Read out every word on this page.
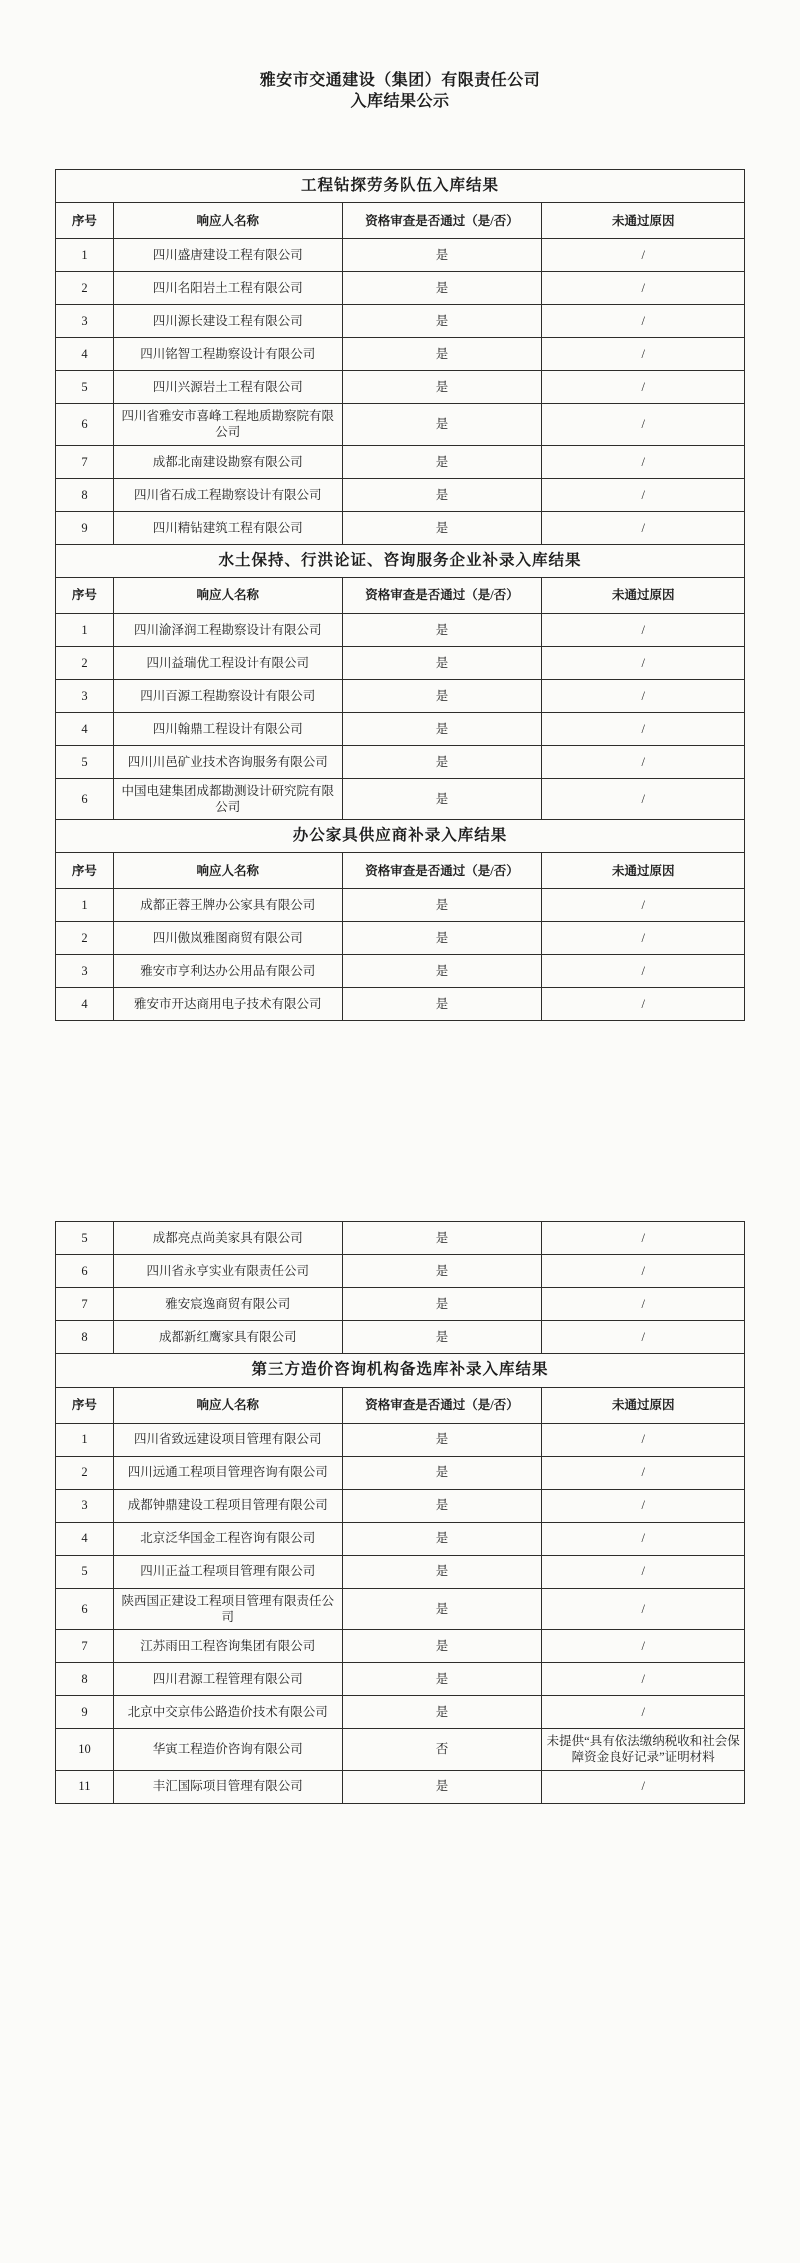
雅安市交通建设（集团）有限责任公司
入库结果公示
工程钻探劳务队伍入库结果			
序号	响应人名称	资格审查是否通过（是/否）	未通过原因
1	四川盛唐建设工程有限公司	是	/
2	四川名阳岩土工程有限公司	是	/
3	四川源长建设工程有限公司	是	/
4	四川铭智工程勘察设计有限公司	是	/
5	四川兴源岩土工程有限公司	是	/
6	四川省雅安市喜峰工程地质勘察院有限公司	是	/
7	成都北南建设勘察有限公司	是	/
8	四川省石成工程勘察设计有限公司	是	/
9	四川精钻建筑工程有限公司	是	/
水土保持、行洪论证、咨询服务企业补录入库结果			
序号	响应人名称	资格审查是否通过（是/否）	未通过原因
1	四川渝泽润工程勘察设计有限公司	是	/
2	四川益瑞优工程设计有限公司	是	/
3	四川百源工程勘察设计有限公司	是	/
4	四川翰鼎工程设计有限公司	是	/
5	四川川邑矿业技术咨询服务有限公司	是	/
6	中国电建集团成都勘测设计研究院有限公司	是	/
办公家具供应商补录入库结果			
序号	响应人名称	资格审查是否通过（是/否）	未通过原因
1	成都正蓉王牌办公家具有限公司	是	/
2	四川傲岚雅图商贸有限公司	是	/
3	雅安市亨利达办公用品有限公司	是	/
4	雅安市开达商用电子技术有限公司	是	/
5	成都亮点尚美家具有限公司	是	/
6	四川省永亨实业有限责任公司	是	/
7	雅安宸逸商贸有限公司	是	/
8	成都新红鹰家具有限公司	是	/
第三方造价咨询机构备选库补录入库结果			
序号	响应人名称	资格审查是否通过（是/否）	未通过原因
1	四川省致远建设项目管理有限公司	是	/
2	四川远通工程项目管理咨询有限公司	是	/
3	成都钟鼎建设工程项目管理有限公司	是	/
4	北京泛华国金工程咨询有限公司	是	/
5	四川正益工程项目管理有限公司	是	/
6	陕西国正建设工程项目管理有限责任公司	是	/
7	江苏雨田工程咨询集团有限公司	是	/
8	四川君源工程管理有限公司	是	/
9	北京中交京伟公路造价技术有限公司	是	/
10	华寅工程造价咨询有限公司	否	未提供“具有依法缴纳税收和社会保障资金良好记录”证明材料
11	丰汇国际项目管理有限公司	是	/
